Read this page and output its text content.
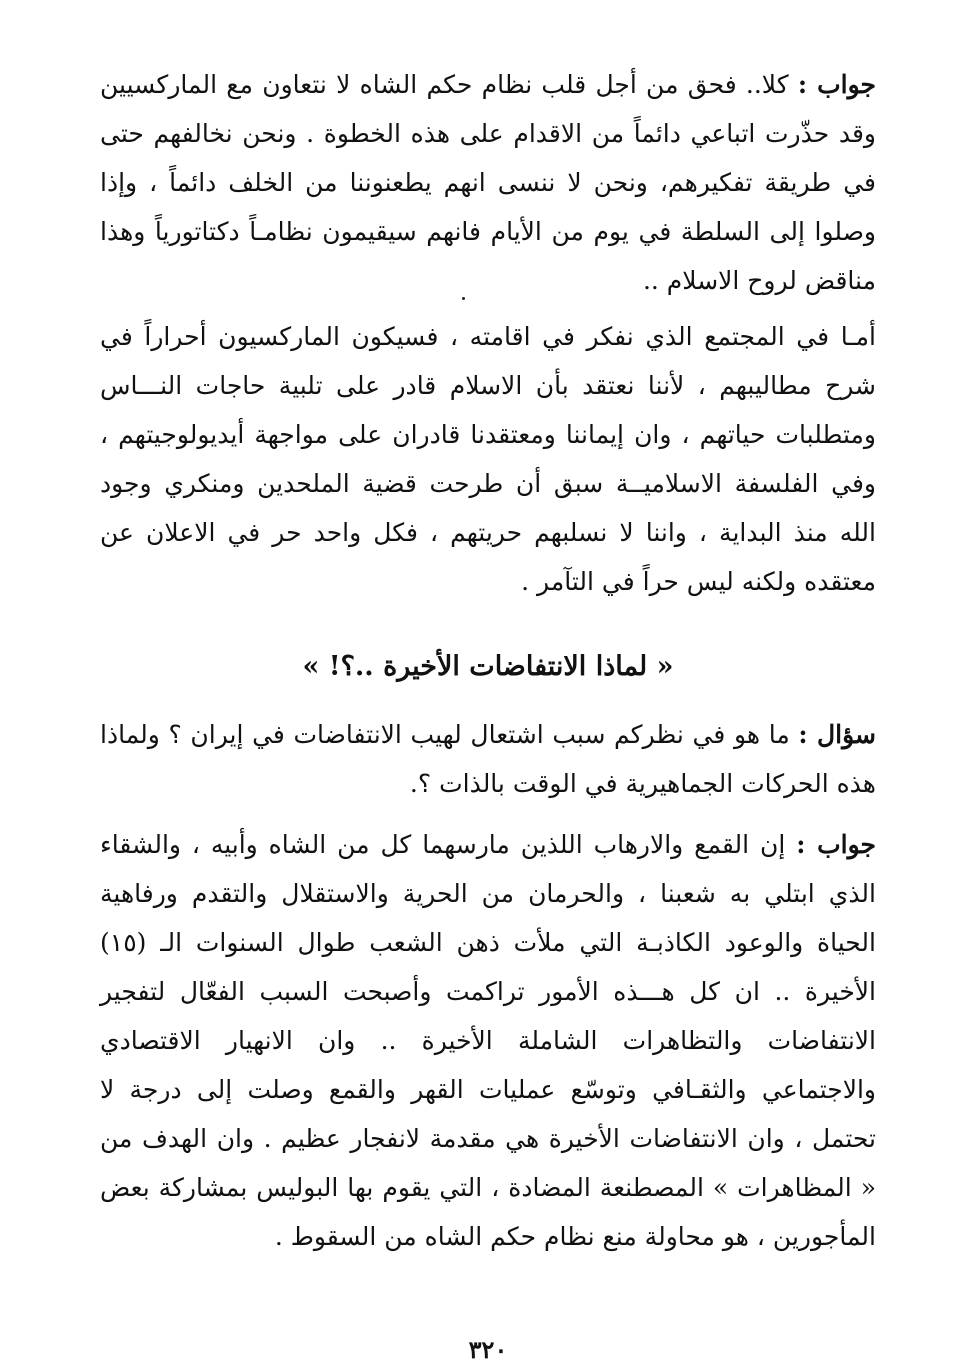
جواب : كلا.. فحق من أجل قلب نظام حكم الشاه لا نتعاون مع الماركسيين وقد حذّرت اتباعي دائماً من الاقدام على هذه الخطوة . ونحن نخالفهم حتى في طريقة تفكيرهم، ونحن لا ننسى انهم يطعنوننا من الخلف دائماً ، وإذا وصلوا إلى السلطة في يوم من الأيام فانهم سيقيمون نظامـاً دكتاتورياً وهذا مناقض لروح الاسلام ..

أمـا في المجتمع الذي نفكر في اقامته ، فسيكون الماركسيون أحراراً في شرح مطاليبهم ، لأننا نعتقد بأن الاسلام قادر على تلبية حاجات النـــاس ومتطلبات حياتهم ، وان إيماننا ومعتقدنا قادران على مواجهة أيديولوجيتهم ، وفي الفلسفة الاسلاميــة سبق أن طرحت قضية الملحدين ومنكري وجود الله منذ البداية ، واننا لا نسلبهم حريتهم ، فكل واحد حر في الاعلان عن معتقده ولكنه ليس حراً في التآمر .

« لماذا الانتفاضات الأخيرة ..؟! »

سؤال : ما هو في نظركم سبب اشتعال لهيب الانتفاضات في إيران ؟ ولماذا هذه الحركات الجماهيرية في الوقت بالذات ؟.

جواب : إن القمع والارهاب اللذين مارسهما كل من الشاه وأبيه ، والشقاء الذي ابتلي به شعبنا ، والحرمان من الحرية والاستقلال والتقدم ورفاهية الحياة والوعود الكاذبـة التي ملأت ذهن الشعب طوال السنوات الـ (١٥) الأخيرة .. ان كل هـــذه الأمور تراكمت وأصبحت السبب الفعّال لتفجير الانتفاضات والتظاهرات الشاملة الأخيرة .. وان الانهيار الاقتصادي والاجتماعي والثقـافي وتوسّع عمليات القهر والقمع وصلت إلى درجة لا تحتمل ، وان الانتفاضات الأخيرة هي مقدمة لانفجار عظيم . وان الهدف من « المظاهرات » المصطنعة المضادة ، التي يقوم بها البوليس بمشاركة بعض المأجورين ، هو محاولة منع نظام حكم الشاه من السقوط .

٣٢٠
